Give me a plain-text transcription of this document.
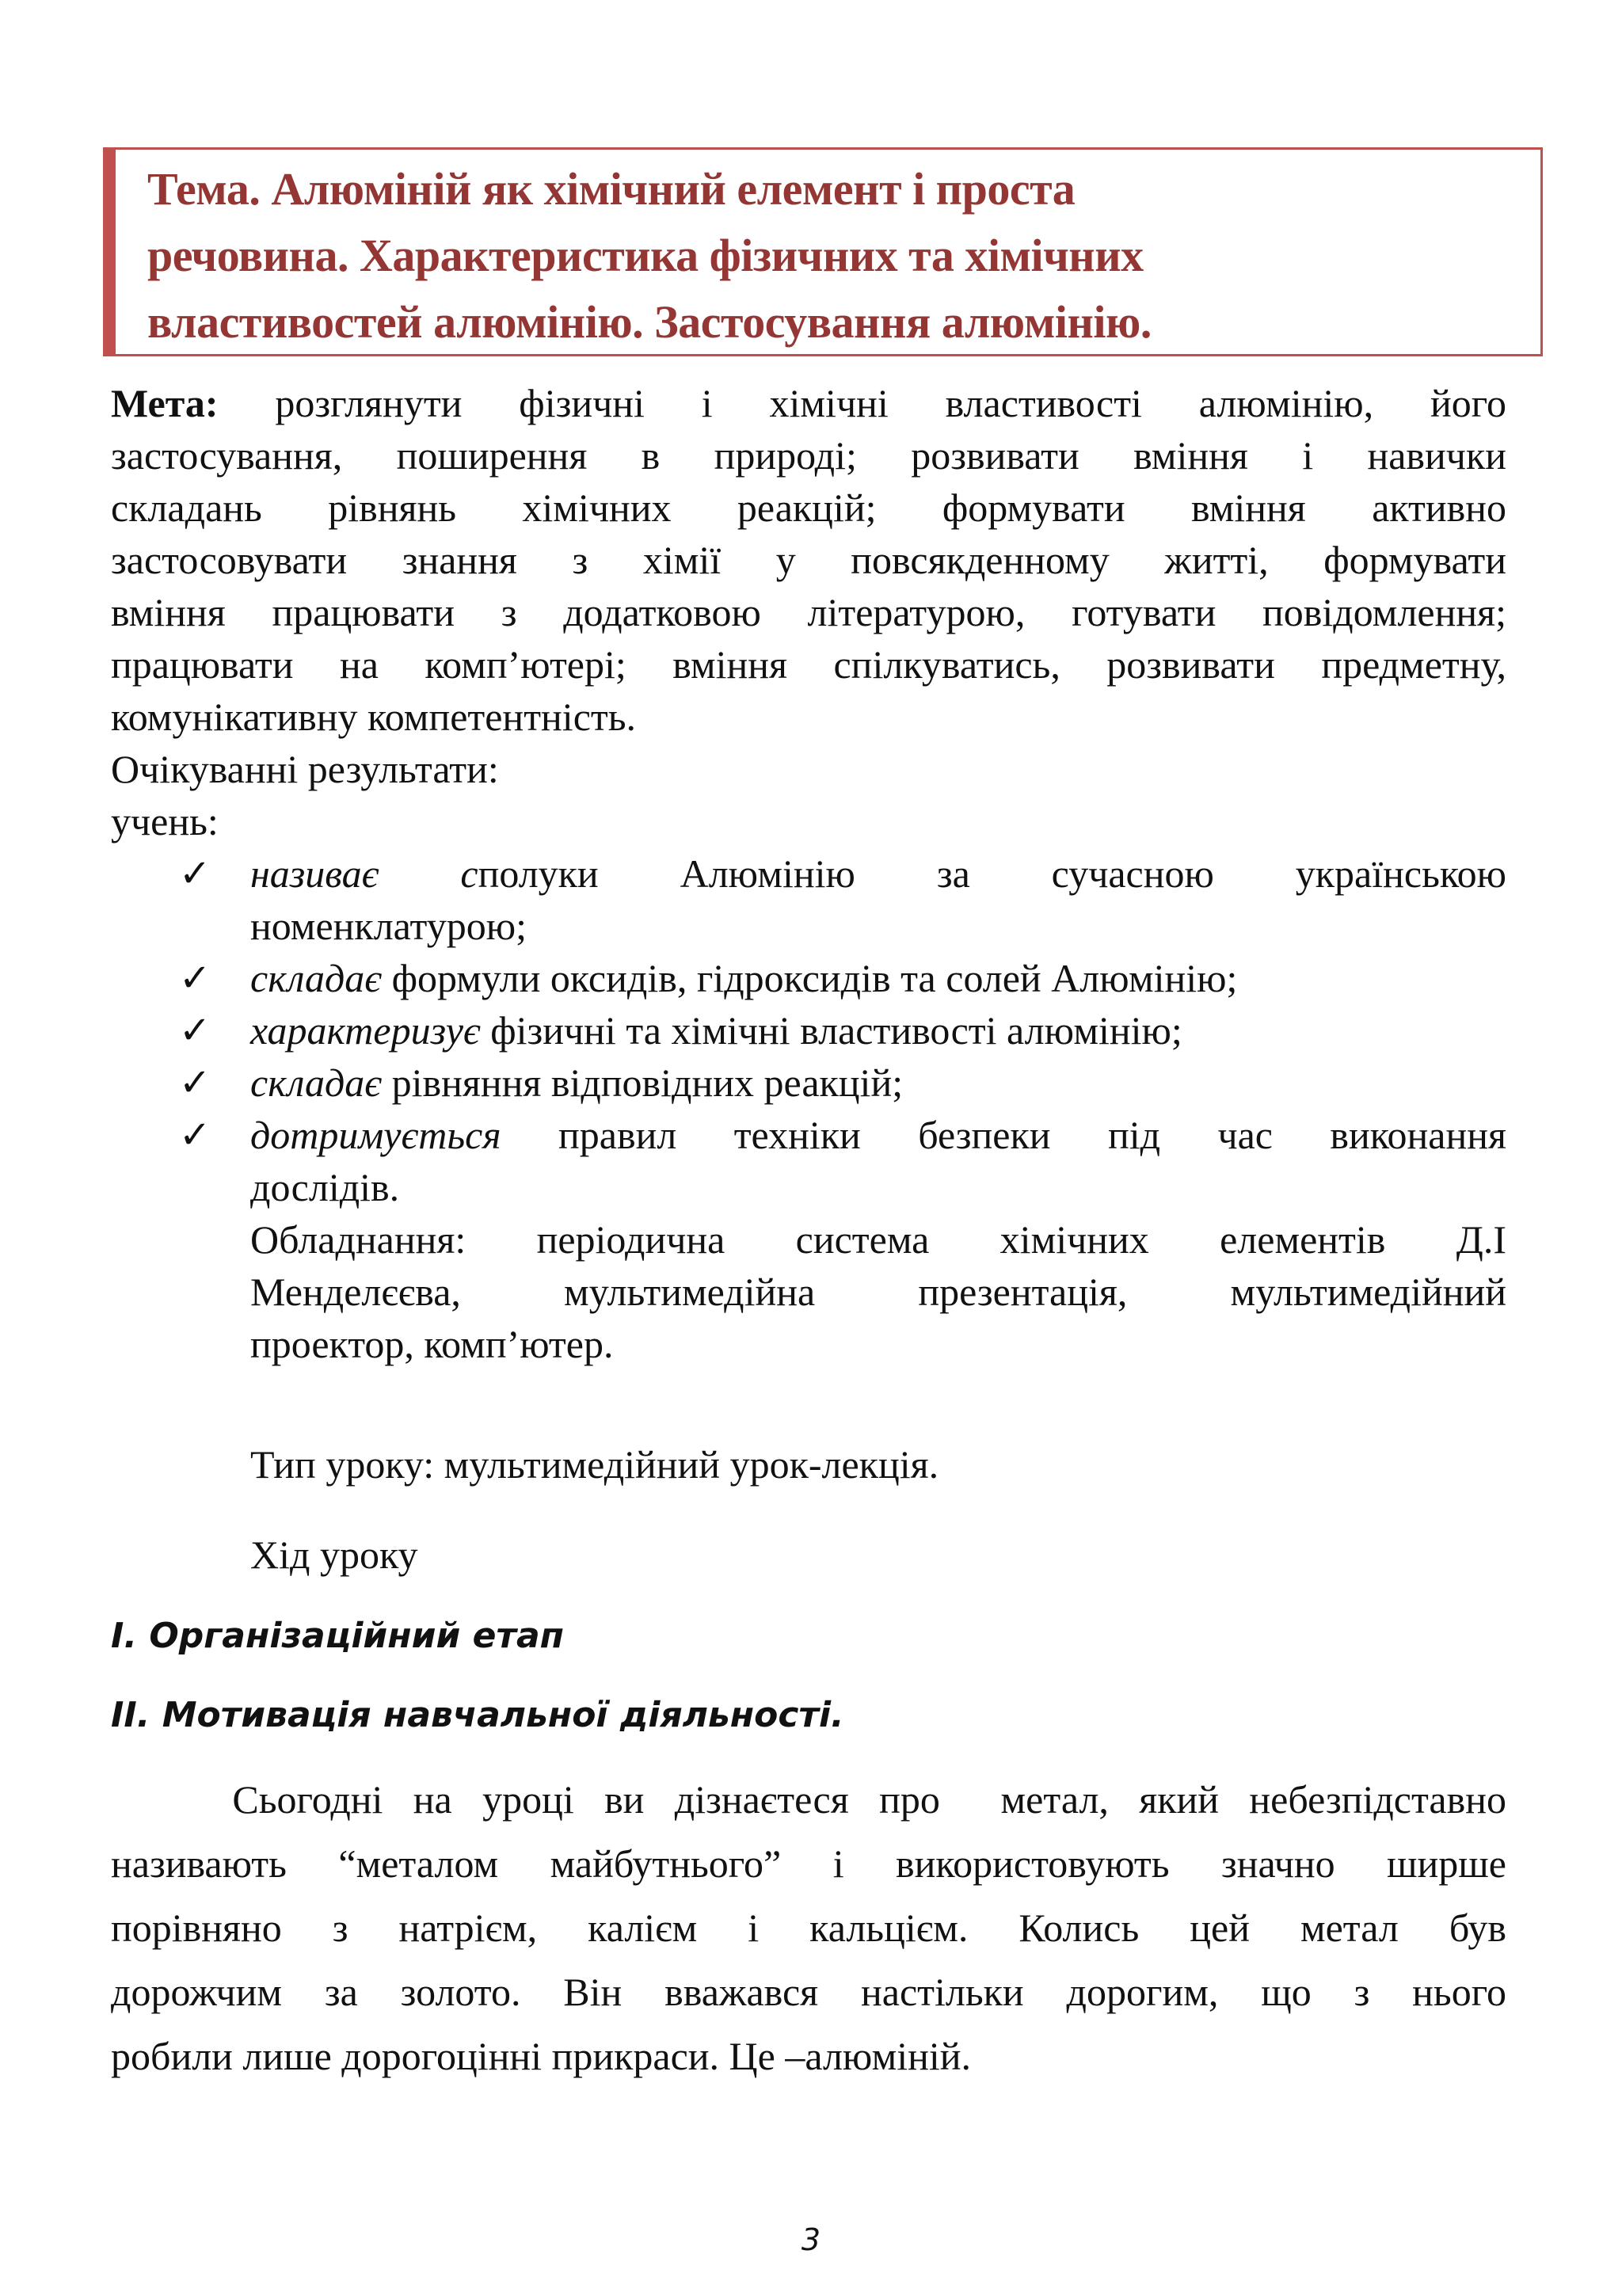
Тема. Алюміній як хімічний елемент і проста
речовина. Характеристика фізичних та хімічних
властивостей алюмінію. Застосування алюмінію.
Мета: розглянути фізичні і хімічні властивості алюмінію, його
застосування, поширення в природі; розвивати вміння і навички
складань рівнянь хімічних реакцій; формувати вміння активно
застосовувати знання з хімії у повсякденному житті, формувати
вміння працювати з додатковою літературою, готувати повідомлення;
працювати на комп’ютері; вміння спілкуватись, розвивати предметну,
комунікативну компетентність.
Очікуванні результати:
учень:
✓ називає сполуки Алюмінію за сучасною українською
номенклатурою;
✓ складає формули оксидів, гідроксидів та солей Алюмінію;
✓ характеризує фізичні та хімічні властивості алюмінію;
✓ складає рівняння відповідних реакцій;
✓ дотримується правил техніки безпеки під час виконання
дослідів.
Обладнання: періодична система хімічних елементів Д.І
Менделєєва, мультимедійна презентація, мультимедійний
проектор, комп’ютер.
Тип уроку: мультимедійний урок-лекція.
Хід уроку
І. Організаційний етап
ІІ. Мотивація навчальної діяльності.
Сьогодні на уроці ви дізнаєтеся про  метал, який небезпідставно
називають “металом майбутнього” і використовують значно ширше
порівняно з натрієм, калієм і кальцієм. Колись цей метал був
дорожчим за золото. Він вважався настільки дорогим, що з нього
робили лише дорогоцінні прикраси. Це –алюміній.
3
